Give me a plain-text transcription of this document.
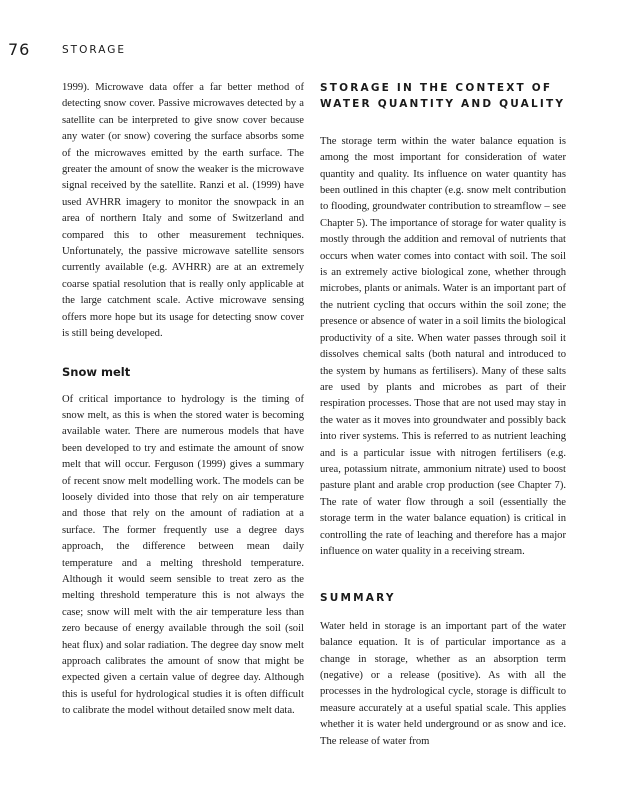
76	STORAGE

1999). Microwave data offer a far better method of detecting snow cover. Passive microwaves detected by a satellite can be interpreted to give snow cover because any water (or snow) covering the surface absorbs some of the microwaves emitted by the earth surface. The greater the amount of snow the weaker is the microwave signal received by the satellite. Ranzi et al. (1999) have used AVHRR imagery to monitor the snowpack in an area of northern Italy and some of Switzerland and compared this to other measurement techniques. Unfortunately, the passive microwave satellite sensors currently available (e.g. AVHRR) are at an extremely coarse spatial resolution that is really only applicable at the large catchment scale. Active microwave sensing offers more hope but its usage for detecting snow cover is still being developed.

Snow melt

Of critical importance to hydrology is the timing of snow melt, as this is when the stored water is becoming available water. There are numerous models that have been developed to try and estimate the amount of snow melt that will occur. Ferguson (1999) gives a summary of recent snow melt modelling work. The models can be loosely divided into those that rely on air temperature and those that rely on the amount of radiation at a surface. The former frequently use a degree days approach, the difference between mean daily temperature and a melting threshold temperature. Although it would seem sensible to treat zero as the melting threshold temperature this is not always the case; snow will melt with the air temperature less than zero because of energy available through the soil (soil heat flux) and solar radiation. The degree day snow melt approach calibrates the amount of snow that might be expected given a certain value of degree day. Although this is useful for hydrological studies it is often difficult to calibrate the model without detailed snow melt data.

STORAGE IN THE CONTEXT OF
WATER QUANTITY AND QUALITY

The storage term within the water balance equation is among the most important for consideration of water quantity and quality. Its influence on water quantity has been outlined in this chapter (e.g. snow melt contribution to flooding, groundwater contribution to streamflow – see Chapter 5). The importance of storage for water quality is mostly through the addition and removal of nutrients that occurs when water comes into contact with soil. The soil is an extremely active biological zone, whether through microbes, plants or animals. Water is an important part of the nutrient cycling that occurs within the soil zone; the presence or absence of water in a soil limits the biological productivity of a site. When water passes through soil it dissolves chemical salts (both natural and introduced to the system by humans as fertilisers). Many of these salts are used by plants and microbes as part of their respiration processes. Those that are not used may stay in the water as it moves into groundwater and possibly back into river systems. This is referred to as nutrient leaching and is a particular issue with nitrogen fertilisers (e.g. urea, potassium nitrate, ammonium nitrate) used to boost pasture plant and arable crop production (see Chapter 7). The rate of water flow through a soil (essentially the storage term in the water balance equation) is critical in controlling the rate of leaching and therefore has a major influence on water quality in a receiving stream.

SUMMARY

Water held in storage is an important part of the water balance equation. It is of particular importance as a change in storage, whether as an absorption term (negative) or a release (positive). As with all the processes in the hydrological cycle, storage is difficult to measure accurately at a useful spatial scale. This applies whether it is water held underground or as snow and ice. The release of water from
